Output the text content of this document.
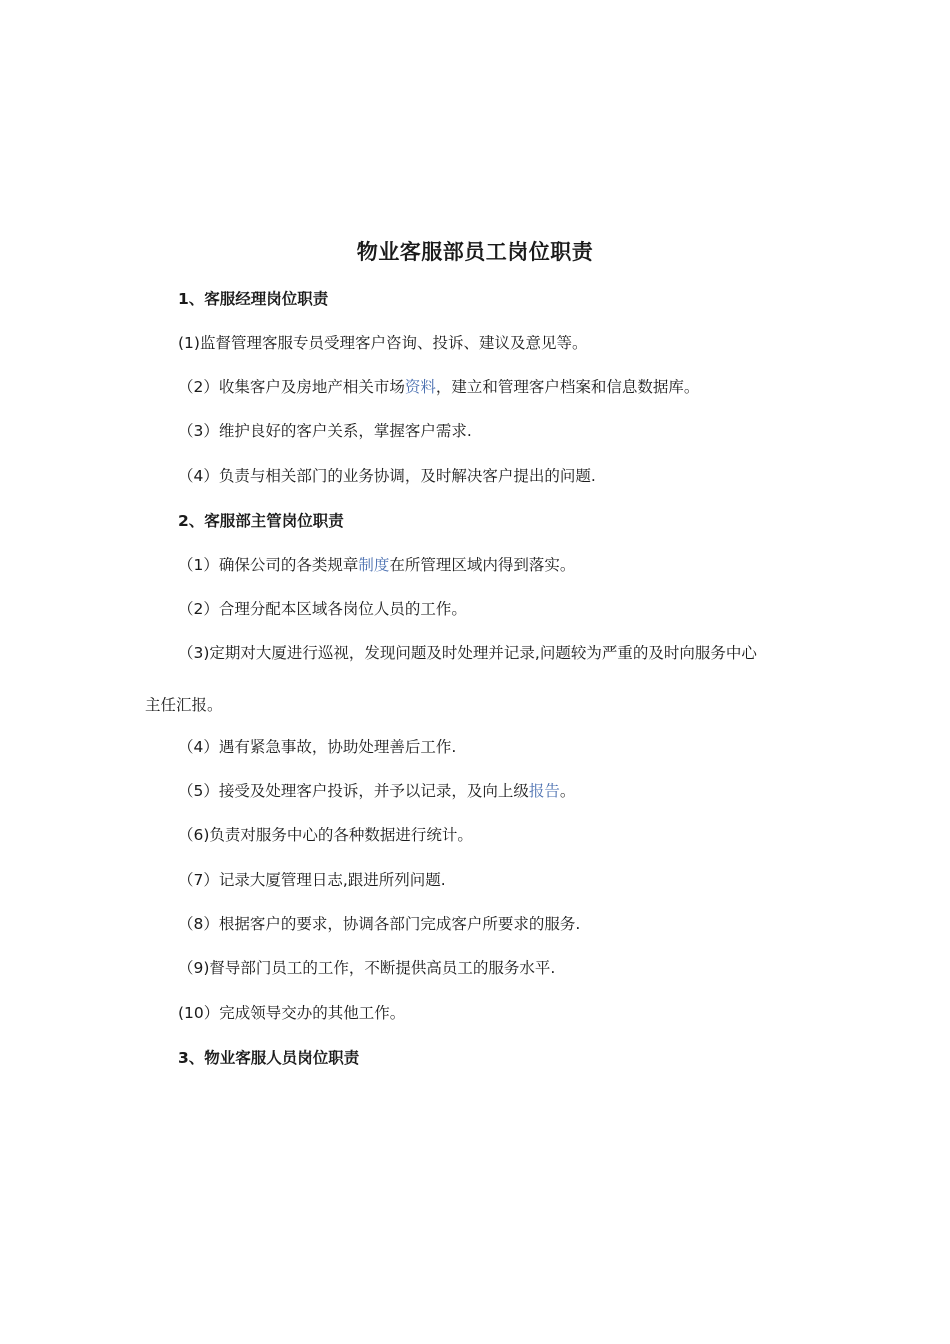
物业客服部员工岗位职责
1、客服经理岗位职责
(1)监督管理客服专员受理客户咨询、投诉、建议及意见等。
（2）收集客户及房地产相关市场资料，建立和管理客户档案和信息数据库。
（3）维护良好的客户关系，掌握客户需求.
（4）负责与相关部门的业务协调，及时解决客户提出的问题.
2、客服部主管岗位职责
（1）确保公司的各类规章制度在所管理区域内得到落实。
（2）合理分配本区域各岗位人员的工作。
（3)定期对大厦进行巡视，发现问题及时处理并记录,问题较为严重的及时向服务中心
主任汇报。
（4）遇有紧急事故，协助处理善后工作.
（5）接受及处理客户投诉，并予以记录，及向上级报告。
（6)负责对服务中心的各种数据进行统计。
（7）记录大厦管理日志,跟进所列问题.
（8）根据客户的要求，协调各部门完成客户所要求的服务.
（9)督导部门员工的工作，不断提供高员工的服务水平.
(10）完成领导交办的其他工作。
3、物业客服人员岗位职责
